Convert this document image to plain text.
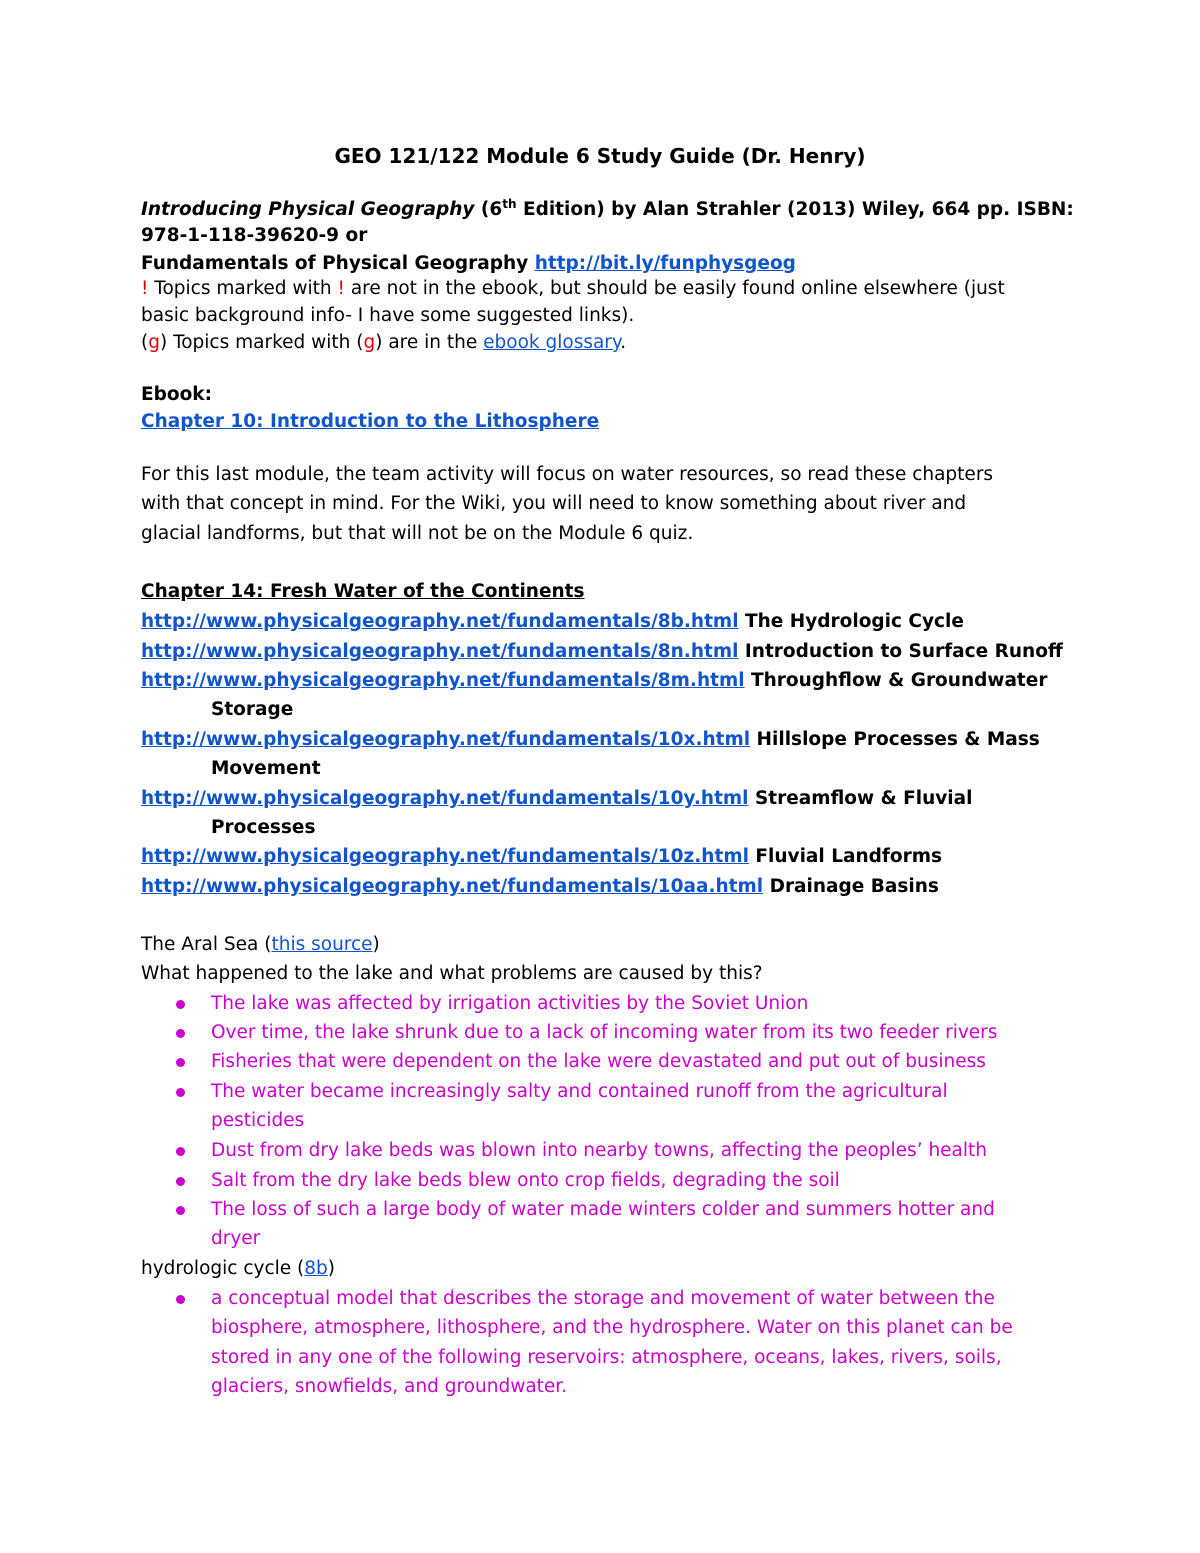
GEO 121/122 Module 6 Study Guide (Dr. Henry)
Introducing Physical Geography (6th Edition) by Alan Strahler (2013) Wiley, 664 pp. ISBN:
978-1-118-39620-9 or
Fundamentals of Physical Geography http://bit.ly/funphysgeog
! Topics marked with ! are not in the ebook, but should be easily found online elsewhere (just
basic background info- I have some suggested links).
(g) Topics marked with (g) are in the ebook glossary.
Ebook:
Chapter 10: Introduction to the Lithosphere
For this last module, the team activity will focus on water resources, so read these chapters
with that concept in mind. For the Wiki, you will need to know something about river and
glacial landforms, but that will not be on the Module 6 quiz.
Chapter 14: Fresh Water of the Continents
http://www.physicalgeography.net/fundamentals/8b.html The Hydrologic Cycle
http://www.physicalgeography.net/fundamentals/8n.html Introduction to Surface Runoff
http://www.physicalgeography.net/fundamentals/8m.html Throughflow & Groundwater
Storage
http://www.physicalgeography.net/fundamentals/10x.html Hillslope Processes & Mass
Movement
http://www.physicalgeography.net/fundamentals/10y.html Streamflow & Fluvial
Processes
http://www.physicalgeography.net/fundamentals/10z.html Fluvial Landforms
http://www.physicalgeography.net/fundamentals/10aa.html Drainage Basins
The Aral Sea (this source)
What happened to the lake and what problems are caused by this?
The lake was affected by irrigation activities by the Soviet Union
Over time, the lake shrunk due to a lack of incoming water from its two feeder rivers
Fisheries that were dependent on the lake were devastated and put out of business
The water became increasingly salty and contained runoff from the agricultural
pesticides
Dust from dry lake beds was blown into nearby towns, affecting the peoples’ health
Salt from the dry lake beds blew onto crop fields, degrading the soil
The loss of such a large body of water made winters colder and summers hotter and
dryer
hydrologic cycle (8b)
a conceptual model that describes the storage and movement of water between the
biosphere, atmosphere, lithosphere, and the hydrosphere. Water on this planet can be
stored in any one of the following reservoirs: atmosphere, oceans, lakes, rivers, soils,
glaciers, snowfields, and groundwater.
